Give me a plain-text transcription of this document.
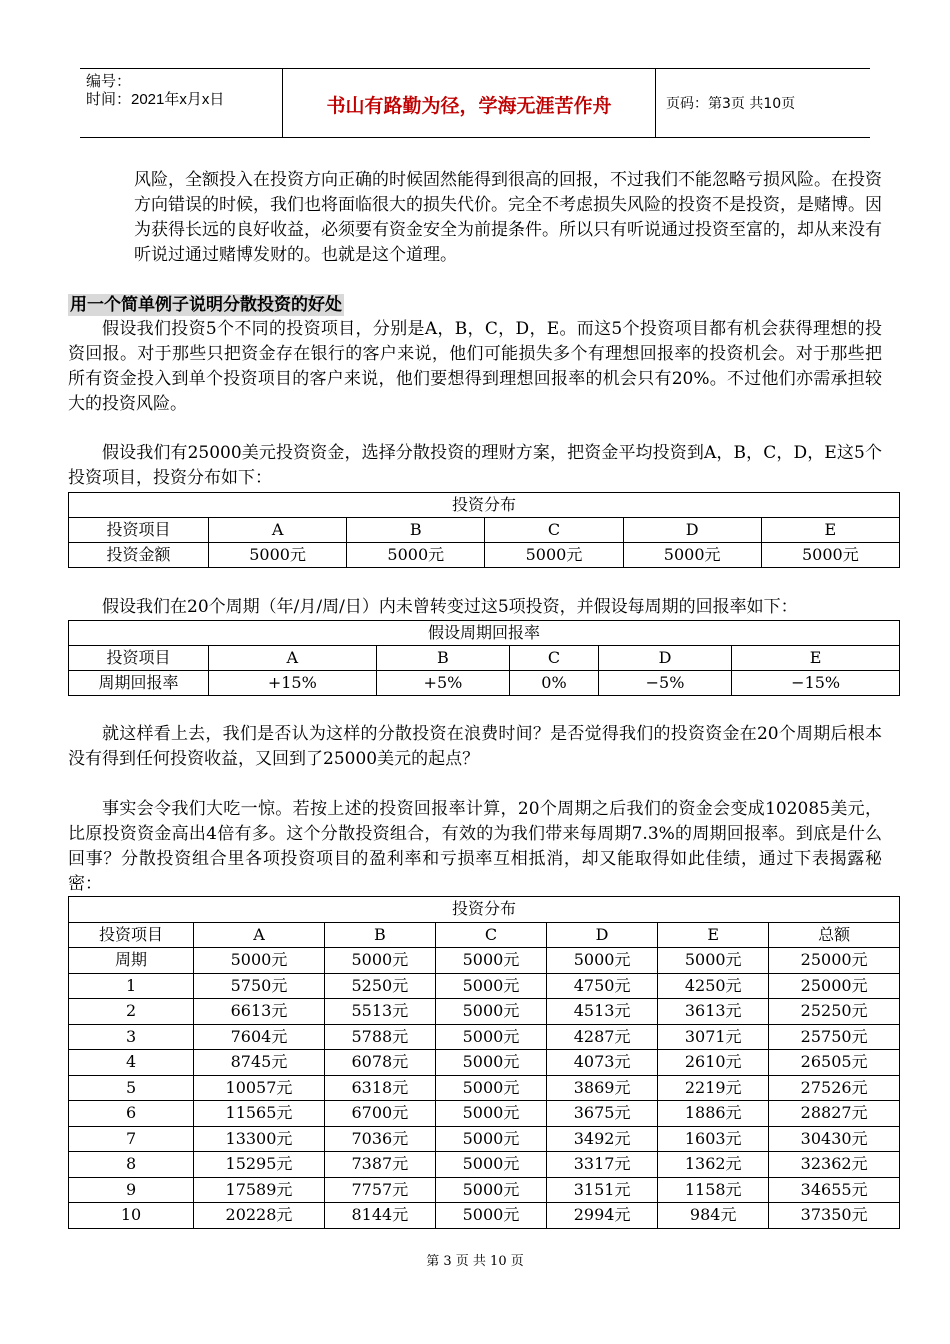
编号：
时间：2021年x月x日	书山有路勤为径，学海无涯苦作舟	页码：第3页 共10页
风险，全额投入在投资方向正确的时候固然能得到很高的回报，不过我们不能忽略亏损风险。在投资方向错误的时候，我们也将面临很大的损失代价。完全不考虑损失风险的投资不是投资，是赌博。因为获得长远的良好收益，必须要有资金安全为前提条件。所以只有听说通过投资至富的，却从来没有听说过通过赌博发财的。也就是这个道理。
用一个简单例子说明分散投资的好处
假设我们投资5个不同的投资项目，分别是A，B，C，D，E。而这5个投资项目都有机会获得理想的投资回报。对于那些只把资金存在银行的客户来说，他们可能损失多个有理想回报率的投资机会。对于那些把所有资金投入到单个投资项目的客户来说，他们要想得到理想回报率的机会只有20%。不过他们亦需承担较大的投资风险。
假设我们有25000美元投资资金，选择分散投资的理财方案，把资金平均投资到A，B，C，D，E这5个投资项目，投资分布如下：
投资分布					
投资项目	A	B	C	D	E
投资金额	5000元	5000元	5000元	5000元	5000元
假设我们在20个周期（年/月/周/日）内未曾转变过这5项投资，并假设每周期的回报率如下：
假设周期回报率					
投资项目	A	B	C	D	E
周期回报率	+15%	+5%	0%	−5%	−15%
就这样看上去，我们是否认为这样的分散投资在浪费时间？是否觉得我们的投资资金在20个周期后根本没有得到任何投资收益，又回到了25000美元的起点？
事实会令我们大吃一惊。若按上述的投资回报率计算，20个周期之后我们的资金会变成102085美元，比原投资资金高出4倍有多。这个分散投资组合，有效的为我们带来每周期7.3%的周期回报率。到底是什么回事？分散投资组合里各项投资项目的盈利率和亏损率互相抵消，却又能取得如此佳绩，通过下表揭露秘密：
投资分布						
投资项目	A	B	C	D	E	总额
周期	5000元	5000元	5000元	5000元	5000元	25000元
1	5750元	5250元	5000元	4750元	4250元	25000元
2	6613元	5513元	5000元	4513元	3613元	25250元
3	7604元	5788元	5000元	4287元	3071元	25750元
4	8745元	6078元	5000元	4073元	2610元	26505元
5	10057元	6318元	5000元	3869元	2219元	27526元
6	11565元	6700元	5000元	3675元	1886元	28827元
7	13300元	7036元	5000元	3492元	1603元	30430元
8	15295元	7387元	5000元	3317元	1362元	32362元
9	17589元	7757元	5000元	3151元	1158元	34655元
10	20228元	8144元	5000元	2994元	984元	37350元
第 3 页 共 10 页
